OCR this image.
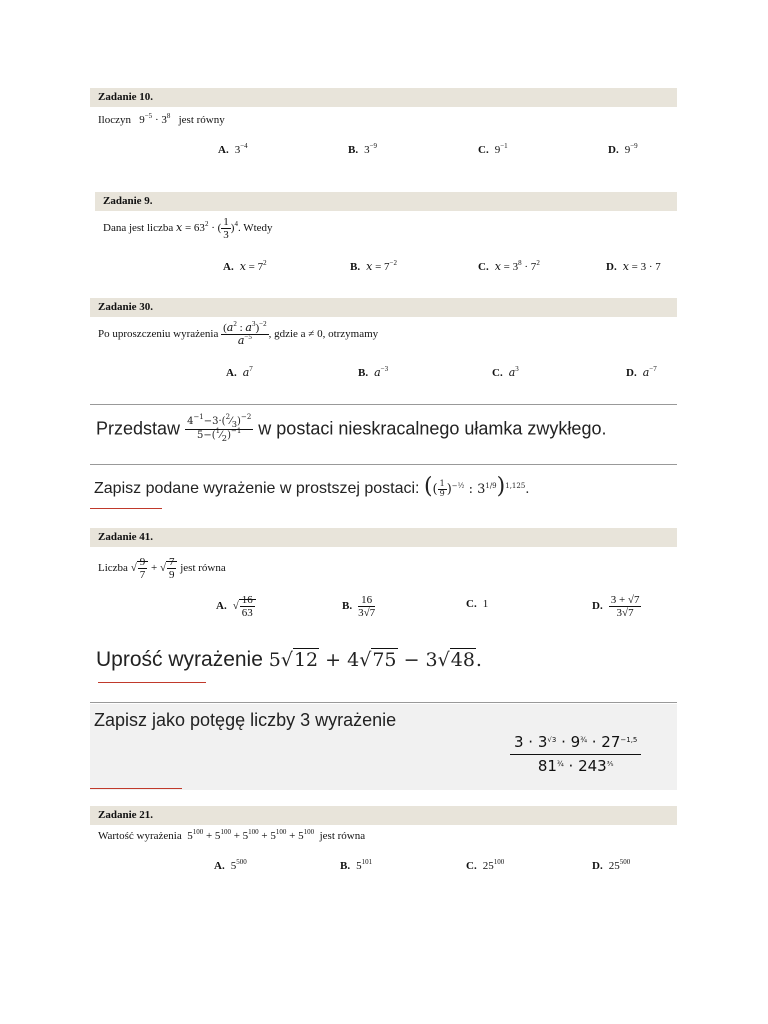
Zadanie 10.
Iloczyn   $9^{-5} \cdot 3^8$ jest równy
A. $3^{-4}$	B. $3^{-9}$	C. $9^{-1}$	D. $9^{-9}$
Zadanie 9.
Dana jest liczba $x = 63^2$ · ( $\frac{1}{3} )^4$. Wtedy
A. $x = 7^2$	B. $x = 7^{-2}$	C. $x = 3^8 \cdot 7^2$	D. x = 3 · 7
Zadanie 30.
Po uproszczeniu wyrażenia $\frac{(a^2 : a^3)^{-2}}{a^{-5}}$ , gdzie a ≠ 0, otrzymamy
A. $a^7$	B. $a^{-3}$	C. $a^3$	D. $a^{-7}$
Przedstaw $\frac{4^{-1}-3\cdot(^2⁄_3)^{-2}}{5-(^1⁄_2)^{-1}}$ w postaci nieskracalnego ułamka zwykłego.
Zapisz podane wyrażenie w prostszej postaci: (( $\frac{1}{9} )^{-\frac{1}{2}}$ : $3^{1/9})^{1,125}$.
Zadanie 41.
Liczba √ $\frac{9}{7}$ + √ $\frac{7}{9}$ jest równa
A. √ $\frac{16}{63}$	B. $\frac{16}{3√7}$	C. 1	D. $\frac{3 + √7}{3√7}$
Uprość wyrażenie 5√12 + 4√75 − 3√48.
Zapisz jako potęgę liczby 3 wyrażenie
$\frac{3 \cdot 3^{√3} \cdot 9^{\frac{3}{4}} \cdot 27^{-1,5}}{81^{\frac{3}{4}} \cdot 243^{\frac{3}{5}}}$
Zadanie 21.
Wartość wyrażenia  $5^{100} + 5^{100} + 5^{100} + 5^{100} + 5^{100}$ jest równa
A. $5^{500}$	B. $5^{101}$	C. $25^{100}$	D. $25^{500}$
